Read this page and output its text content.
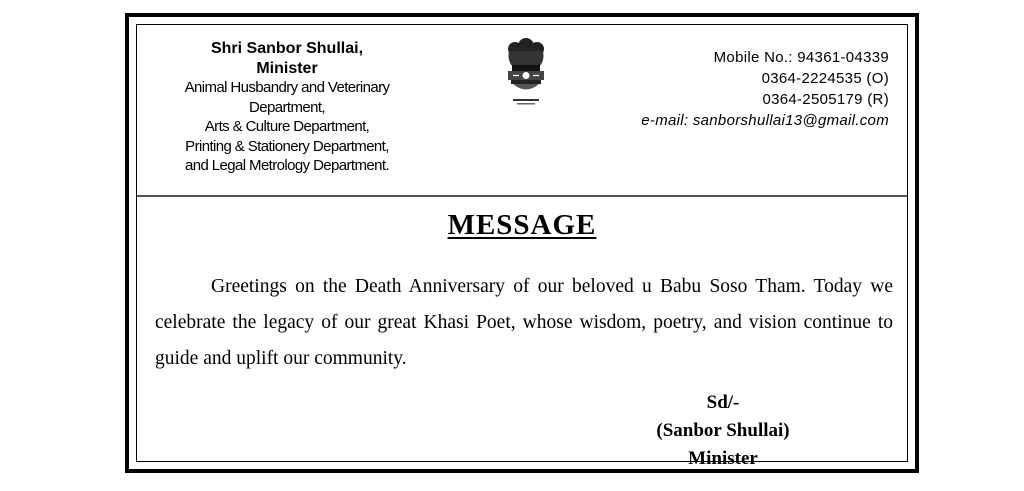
Shri Sanbor Shullai,
Minister
Animal Husbandry and Veterinary
Department,
Arts & Culture Department,
Printing & Stationery Department,
and Legal Metrology Department.
Mobile No.: 94361-04339
0364-2224535 (O)
0364-2505179 (R)
e-mail: sanborshullai13@gmail.com
MESSAGE
Greetings on the Death Anniversary of our beloved u Babu Soso Tham. Today we celebrate the legacy of our great Khasi Poet, whose wisdom, poetry, and vision continue to guide and uplift our community.
Sd/-
(Sanbor Shullai)
Minister
